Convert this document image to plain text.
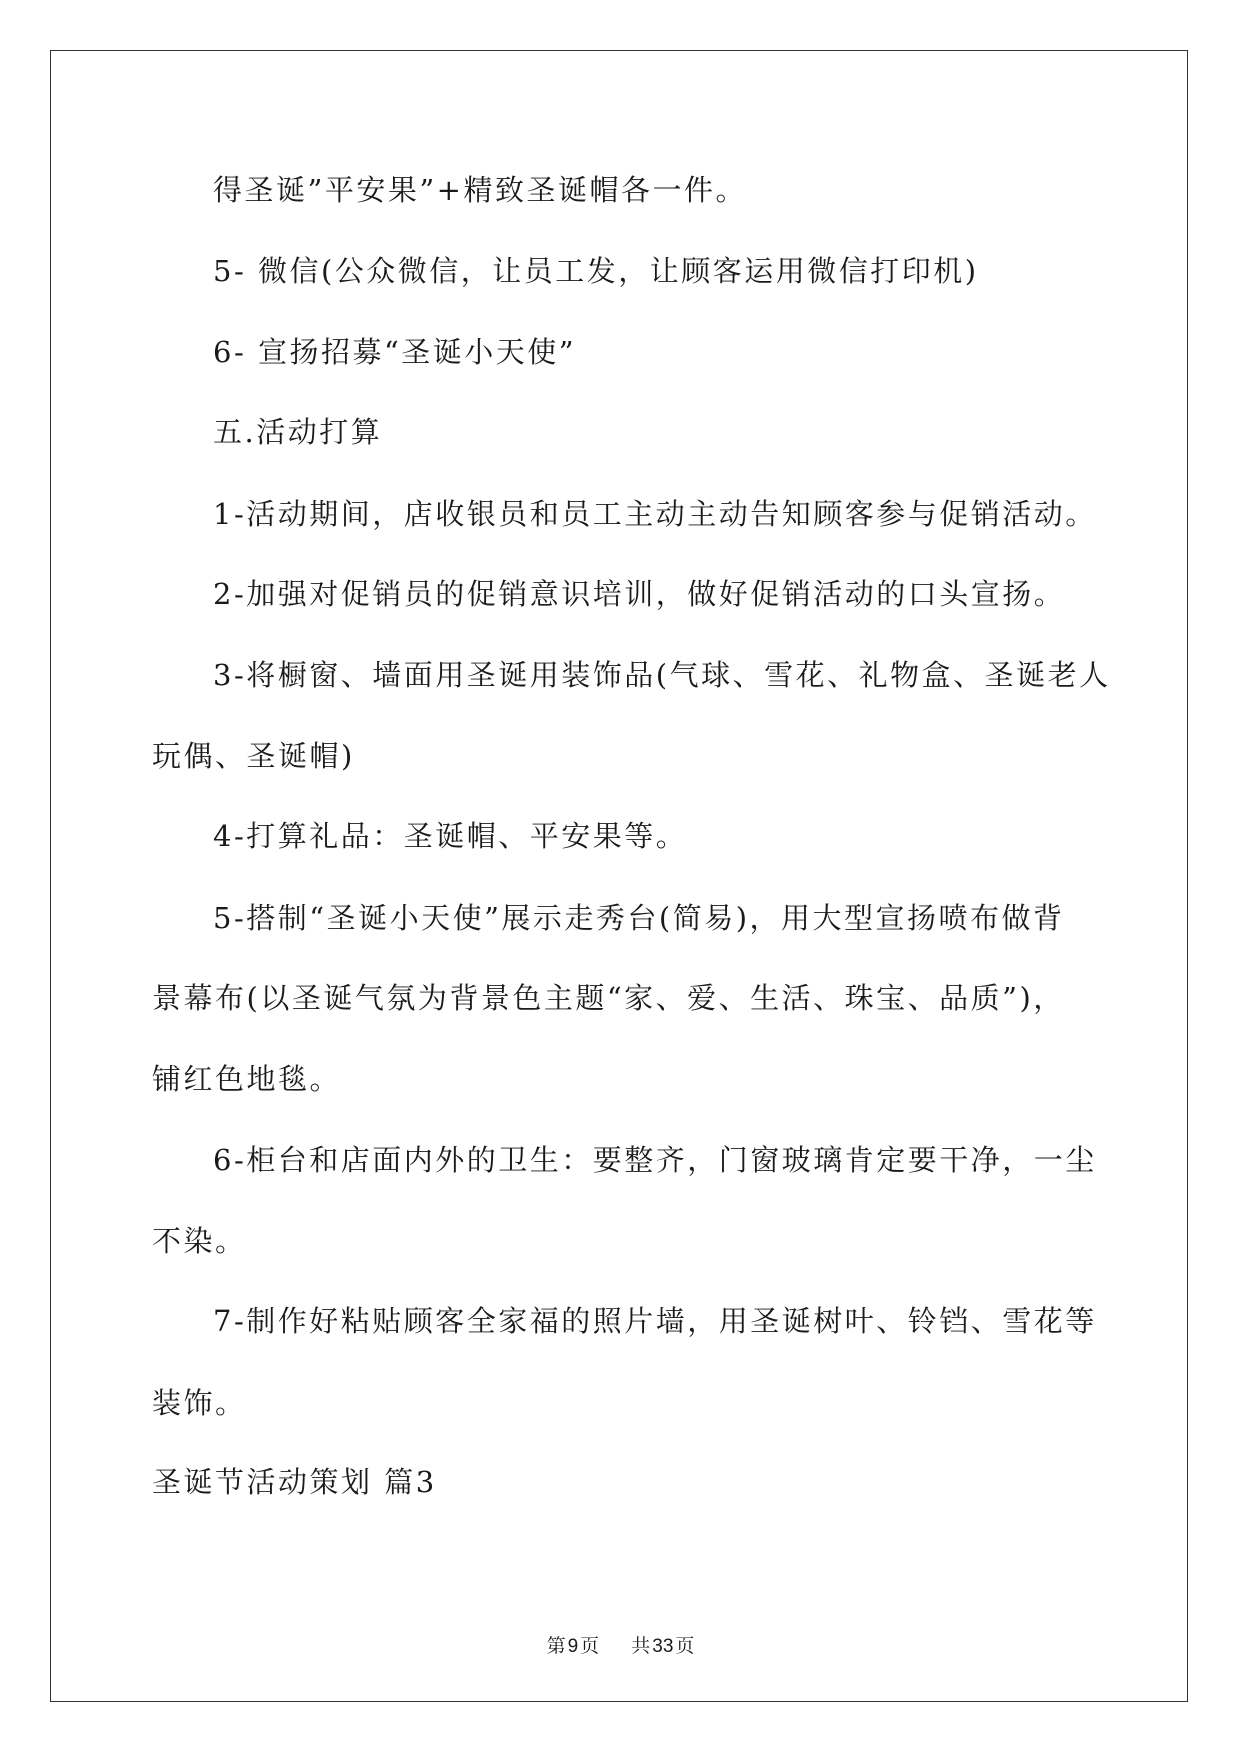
得圣诞”平安果”+精致圣诞帽各一件。
5- 微信(公众微信，让员工发，让顾客运用微信打印机)
6- 宣扬招募“圣诞小天使”
五.活动打算
1-活动期间，店收银员和员工主动主动告知顾客参与促销活动。
2-加强对促销员的促销意识培训，做好促销活动的口头宣扬。
3-将橱窗、墙面用圣诞用装饰品(气球、雪花、礼物盒、圣诞老人
玩偶、圣诞帽)
4-打算礼品：圣诞帽、平安果等。
5-搭制“圣诞小天使”展示走秀台(简易)，用大型宣扬喷布做背
景幕布(以圣诞气氛为背景色主题“家、爱、生活、珠宝、品质”)，
铺红色地毯。
6-柜台和店面内外的卫生：要整齐，门窗玻璃肯定要干净，一尘
不染。
7-制作好粘贴顾客全家福的照片墙，用圣诞树叶、铃铛、雪花等
装饰。
圣诞节活动策划 篇3
第 9 页 共 33 页
